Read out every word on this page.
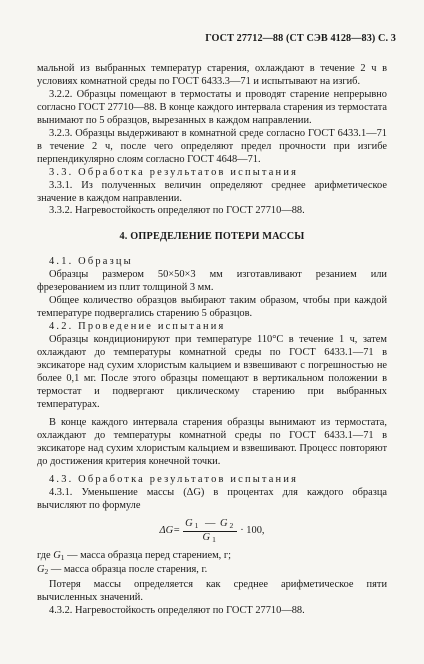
ГОСТ 27712—88 (СТ СЭВ 4128—83) С. 3

мальной из выбранных температур старения, охлаждают в течение 2 ч в условиях комнатной среды по ГОСТ 6433.3—71 и испытывают на изгиб.

3.2.2. Образцы помещают в термостаты и проводят старение непрерывно согласно ГОСТ 27710—88. В конце каждого интервала старения из термостата вынимают по 5 образцов, вырезанных в каждом направлении.

3.2.3. Образцы выдерживают в комнатной среде согласно ГОСТ 6433.1—71 в течение 2 ч, после чего определяют предел прочности при изгибе перпендикулярно слоям согласно ГОСТ 4648—71.

3.3. Обработка результатов испытания

3.3.1. Из полученных величин определяют среднее арифметическое значение в каждом направлении.

3.3.2. Нагревостойкость определяют по ГОСТ 27710—88.

4. ОПРЕДЕЛЕНИЕ ПОТЕРИ МАССЫ

4.1. Образцы

Образцы размером 50×50×3 мм изготавливают резанием или фрезерованием из плит толщиной 3 мм.

Общее количество образцов выбирают таким образом, чтобы при каждой температуре подвергались старению 5 образцов.

4.2. Проведение испытания

Образцы кондиционируют при температуре 110°С в течение 1 ч, затем охлаждают до температуры комнатной среды по ГОСТ 6433.1—71 в эксикаторе над сухим хлористым кальцием и взвешивают с погрешностью не более 0,1 мг. После этого образцы помещают в вертикальном положении в термостат и подвергают циклическому старению при выбранных температурах.

В конце каждого интервала старения образцы вынимают из термостата, охлаждают до температуры комнатной среды по ГОСТ 6433.1—71 в эксикаторе над сухим хлористым кальцием и взвешивают. Процесс повторяют до достижения критерия конечной точки.

4.3. Обработка результатов испытания

4.3.1. Уменьшение массы (ΔG) в процентах для каждого образца вычисляют по формуле

$\Delta G= \frac{G _1 — G _2}{G _1} \cdot 100$,

где $G_1$ — масса образца перед старением, г;

$G_2$ — масса образца после старения, г.

Потеря массы определяется как среднее арифметическое пяти вычисленных значений.

4.3.2. Нагревостойкость определяют по ГОСТ 27710—88.
